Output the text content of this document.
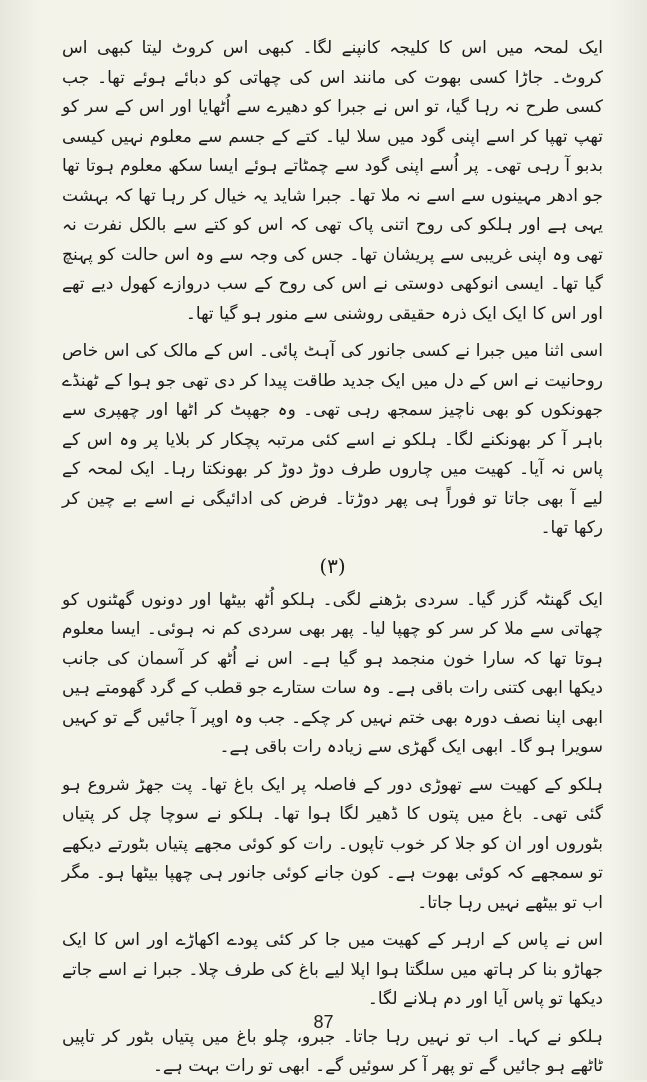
ایک لمحہ میں اس کا کلیجہ کانپنے لگا۔ کبھی اس کروٹ لیتا کبھی اس کروٹ۔ جاڑا کسی بھوت کی مانند اس کی چھاتی کو دبائے ہوئے تھا۔ جب کسی طرح نہ رہا گیا، تو اس نے جبرا کو دھیرے سے اُٹھایا اور اس کے سر کو تھپ تھپا کر اسے اپنی گود میں سلا لیا۔ کتے کے جسم سے معلوم نہیں کیسی بدبو آ رہی تھی۔ پر اُسے اپنی گود سے چمٹاتے ہوئے ایسا سکھ معلوم ہوتا تھا جو ادھر مہینوں سے اسے نہ ملا تھا۔ جبرا شاید یہ خیال کر رہا تھا کہ بہشت یہی ہے اور ہلکو کی روح اتنی پاک تھی کہ اس کو کتے سے بالکل نفرت نہ تھی وہ اپنی غریبی سے پریشان تھا۔ جس کی وجہ سے وہ اس حالت کو پہنچ گیا تھا۔ ایسی انوکھی دوستی نے اس کی روح کے سب دروازے کھول دیے تھے اور اس کا ایک ایک ذرہ حقیقی روشنی سے منور ہو گیا تھا۔

اسی اثنا میں جبرا نے کسی جانور کی آہٹ پائی۔ اس کے مالک کی اس خاص روحانیت نے اس کے دل میں ایک جدید طاقت پیدا کر دی تھی جو ہوا کے ٹھنڈے جھونکوں کو بھی ناچیز سمجھ رہی تھی۔ وہ جھپٹ کر اٹھا اور چھپری سے باہر آ کر بھونکنے لگا۔ ہلکو نے اسے کئی مرتبہ پچکار کر بلایا پر وہ اس کے پاس نہ آیا۔ کھیت میں چاروں طرف دوڑ دوڑ کر بھونکتا رہا۔ ایک لمحہ کے لیے آ بھی جاتا تو فوراً ہی پھر دوڑتا۔ فرض کی ادائیگی نے اسے بے چین کر رکھا تھا۔

(۳)

ایک گھنٹہ گزر گیا۔ سردی بڑھنے لگی۔ ہلکو اُٹھ بیٹھا اور دونوں گھٹنوں کو چھاتی سے ملا کر سر کو چھپا لیا۔ پھر بھی سردی کم نہ ہوئی۔ ایسا معلوم ہوتا تھا کہ سارا خون منجمد ہو گیا ہے۔ اس نے اُٹھ کر آسمان کی جانب دیکھا ابھی کتنی رات باقی ہے۔ وہ سات ستارے جو قطب کے گرد گھومتے ہیں ابھی اپنا نصف دورہ بھی ختم نہیں کر چکے۔ جب وہ اوپر آ جائیں گے تو کہیں سویرا ہو گا۔ ابھی ایک گھڑی سے زیادہ رات باقی ہے۔

ہلکو کے کھیت سے تھوڑی دور کے فاصلہ پر ایک باغ تھا۔ پت جھڑ شروع ہو گئی تھی۔ باغ میں پتوں کا ڈھیر لگا ہوا تھا۔ ہلکو نے سوچا چل کر پتیاں بٹوروں اور ان کو جلا کر خوب تاپوں۔ رات کو کوئی مجھے پتیاں بٹورتے دیکھے تو سمجھے کہ کوئی بھوت ہے۔ کون جانے کوئی جانور ہی چھپا بیٹھا ہو۔ مگر اب تو بیٹھے نہیں رہا جاتا۔

اس نے پاس کے ارہر کے کھیت میں جا کر کئی پودے اکھاڑے اور اس کا ایک جھاڑو بنا کر ہاتھ میں سلگتا ہوا اپلا لیے باغ کی طرف چلا۔ جبرا نے اسے جاتے دیکھا تو پاس آیا اور دم ہلانے لگا۔

ہلکو نے کہا۔ اب تو نہیں رہا جاتا۔ جبرو، چلو باغ میں پتیاں بٹور کر تاپیں ٹاٹھے ہو جائیں گے تو پھر آ کر سوئیں گے۔ ابھی تو رات بہت ہے۔

87
